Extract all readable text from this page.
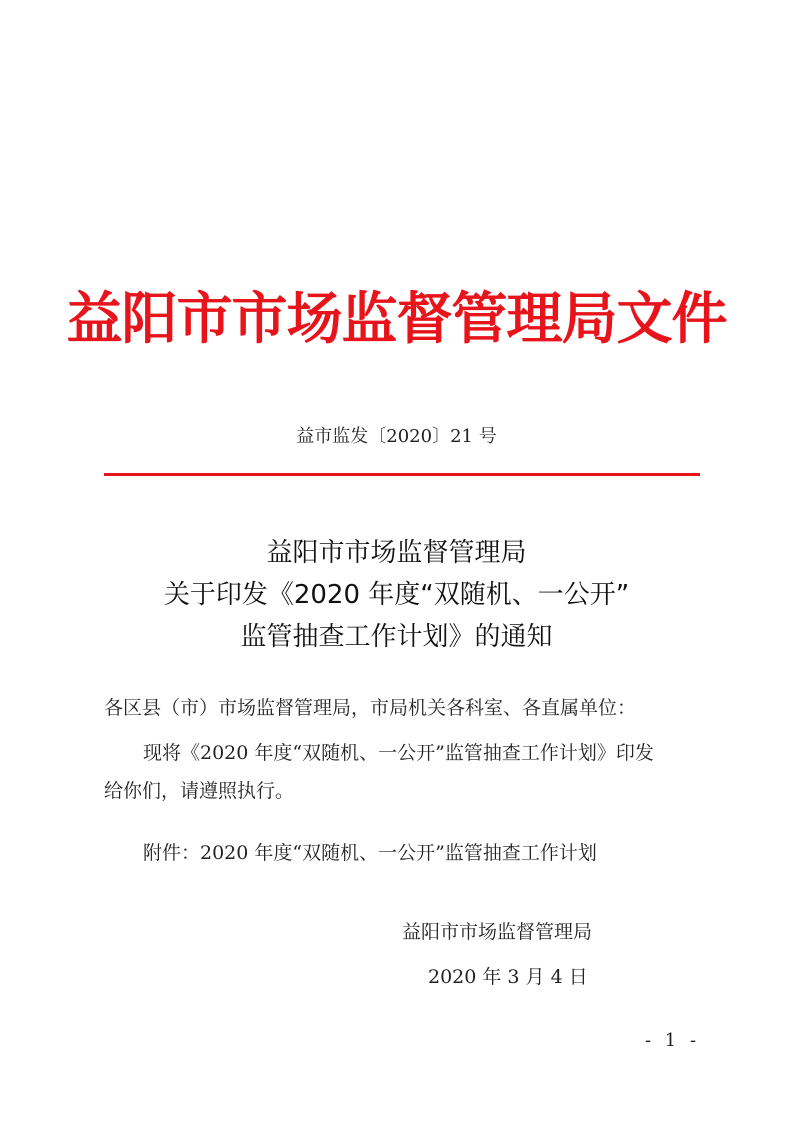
益阳市市场监督管理局文件
益市监发〔2020〕21 号
益阳市市场监督管理局
关于印发《2020 年度“双随机、一公开”
监管抽查工作计划》的通知
各区县（市）市场监督管理局，市局机关各科室、各直属单位：
现将《2020 年度“双随机、一公开”监管抽查工作计划》印发
给你们，请遵照执行。
附件：2020 年度“双随机、一公开”监管抽查工作计划
益阳市市场监督管理局
2020 年 3 月 4 日
- 1 -
